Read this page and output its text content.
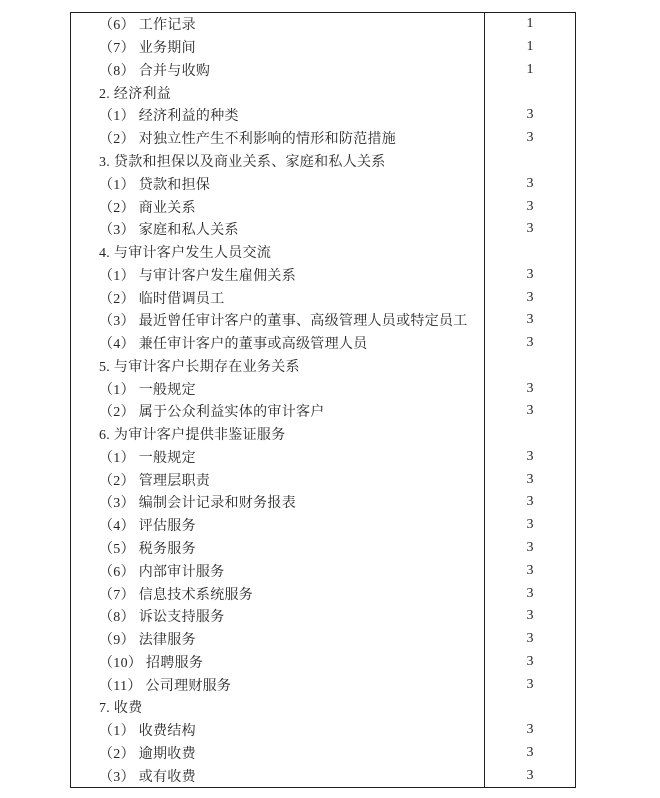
（6） 工作记录	1
（7） 业务期间	1
（8） 合并与收购	1
2. 经济利益
（1） 经济利益的种类	3
（2） 对独立性产生不利影响的情形和防范措施	3
3. 贷款和担保以及商业关系、家庭和私人关系
（1） 贷款和担保	3
（2） 商业关系	3
（3） 家庭和私人关系	3
4. 与审计客户发生人员交流
（1） 与审计客户发生雇佣关系	3
（2） 临时借调员工	3
（3） 最近曾任审计客户的董事、高级管理人员或特定员工	3
（4） 兼任审计客户的董事或高级管理人员	3
5. 与审计客户长期存在业务关系
（1） 一般规定	3
（2） 属于公众利益实体的审计客户	3
6. 为审计客户提供非鉴证服务
（1） 一般规定	3
（2） 管理层职责	3
（3） 编制会计记录和财务报表	3
（4） 评估服务	3
（5） 税务服务	3
（6） 内部审计服务	3
（7） 信息技术系统服务	3
（8） 诉讼支持服务	3
（9） 法律服务	3
（10） 招聘服务	3
（11） 公司理财服务	3
7. 收费
（1） 收费结构	3
（2） 逾期收费	3
（3） 或有收费	3
